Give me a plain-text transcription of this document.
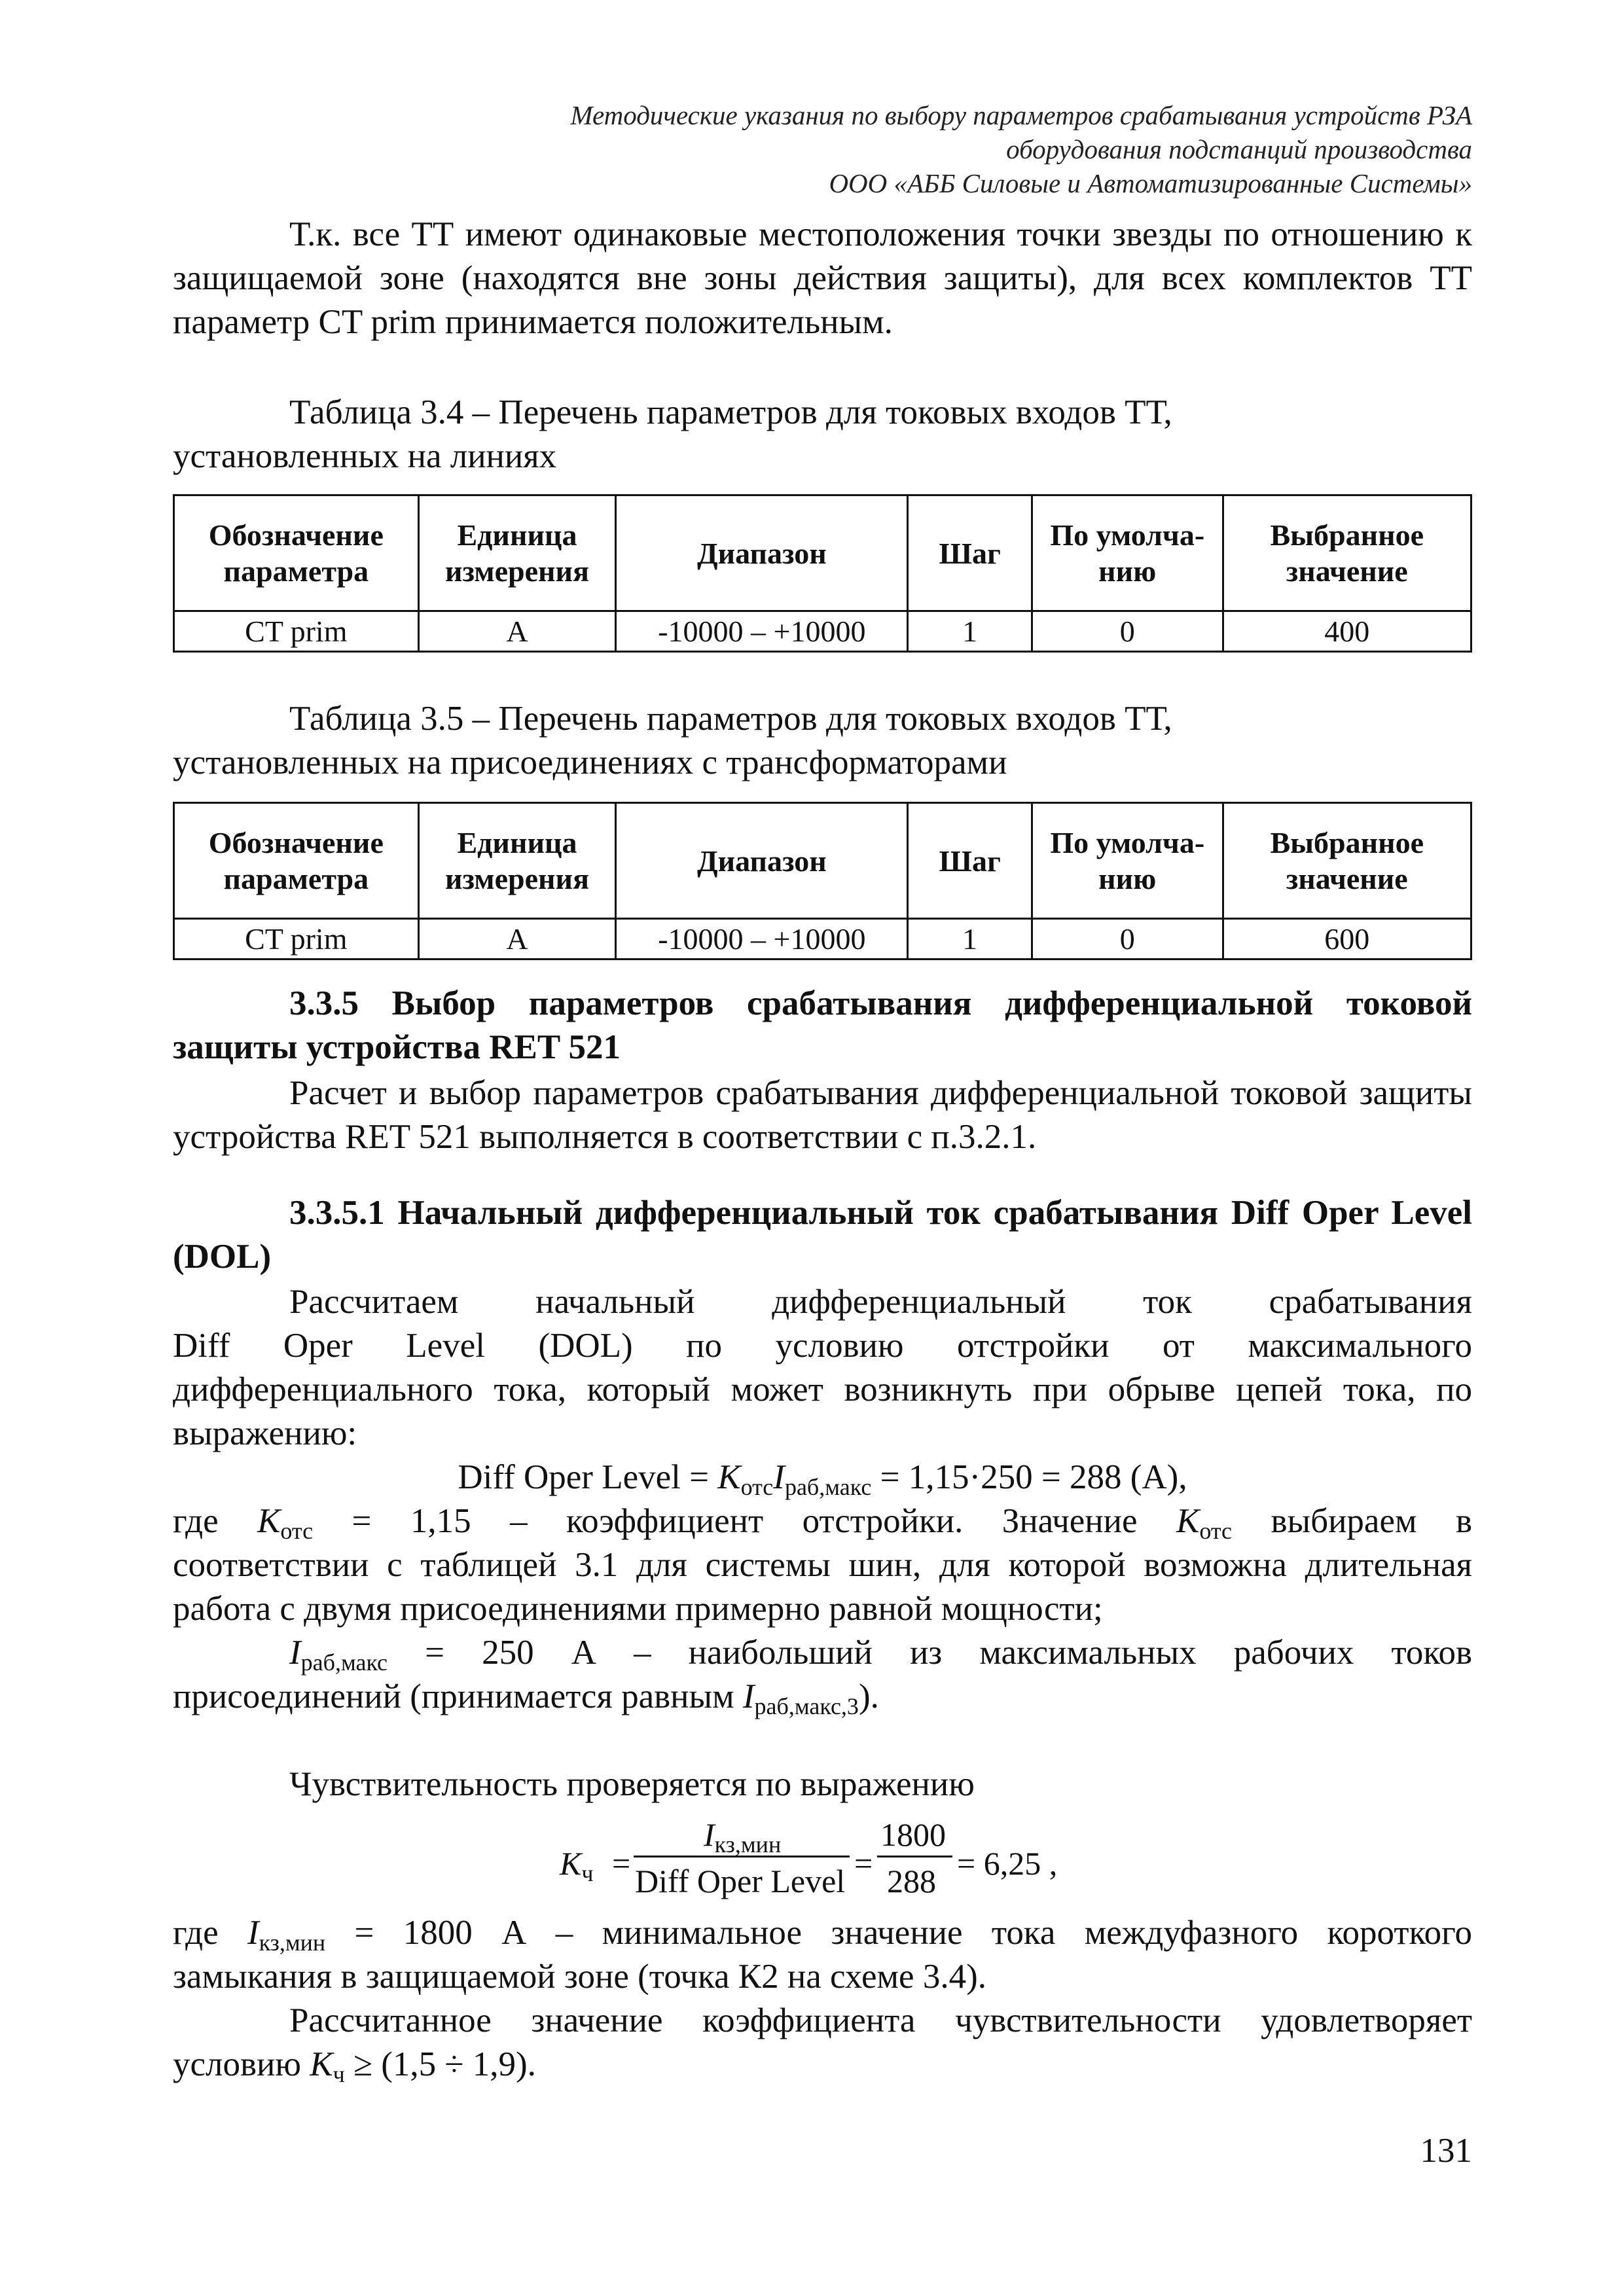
Методические указания по выбору параметров срабатывания устройств РЗА
оборудования подстанций производства
ООО «АББ Силовые и Автоматизированные Системы»
Т.к. все ТТ имеют одинаковые местоположения точки звезды по отношению к защищаемой зоне (находятся вне зоны действия защиты), для всех комплектов ТТ параметр CT prim принимается положительным.
Таблица 3.4 – Перечень параметров для токовых входов ТТ,
установленных на линиях
Обозначение параметра	Единица измерения	Диапазон	Шаг	По умолча-нию	Выбранное значение
CT prim	А	-10000 – +10000	1	0	400
Таблица 3.5 – Перечень параметров для токовых входов ТТ,
установленных на присоединениях с трансформаторами
Обозначение параметра	Единица измерения	Диапазон	Шаг	По умолча-нию	Выбранное значение
CT prim	А	-10000 – +10000	1	0	600
3.3.5 Выбор параметров срабатывания дифференциальной токовой защиты устройства RET 521
Расчет и выбор параметров срабатывания дифференциальной токовой защиты устройства RET 521 выполняется в соответствии с п.3.2.1.
3.3.5.1 Начальный дифференциальный ток срабатывания Diff Oper Level (DOL)
Рассчитаем начальный дифференциальный ток срабатывания
Diff Oper Level (DOL) по условию отстройки от максимального
дифференциального тока, который может возникнуть при обрыве цепей тока, по выражению:
Diff Oper Level = $K_{отс}I_{раб,макс} = 1,15\cdot 250 = 288$ (А),
где $K_{отс} = 1,15$ – коэффициент отстройки. Значение $K_{отс}$ выбираем в
соответствии с таблицей 3.1 для системы шин, для которой возможна длительная работа с двумя присоединениями примерно равной мощности;
$I_{раб,макс} = 250$ А – наибольший из максимальных рабочих токов
присоединений (принимается равным $I_{раб,макс,3}$).
Чувствительность проверяется по выражению
$K_ч$ =
$I_{кз,мин}$
Diff Oper Level =
1800
288 = 6,25 ,
где $I_{кз,мин} = 1800$ А – минимальное значение тока междуфазного короткого
замыкания в защищаемой зоне (точка К2 на схеме 3.4).
Рассчитанное значение коэффициента чувствительности удовлетворяет
условию $K_ч \ge (1,5 \div 1,9)$.
131
